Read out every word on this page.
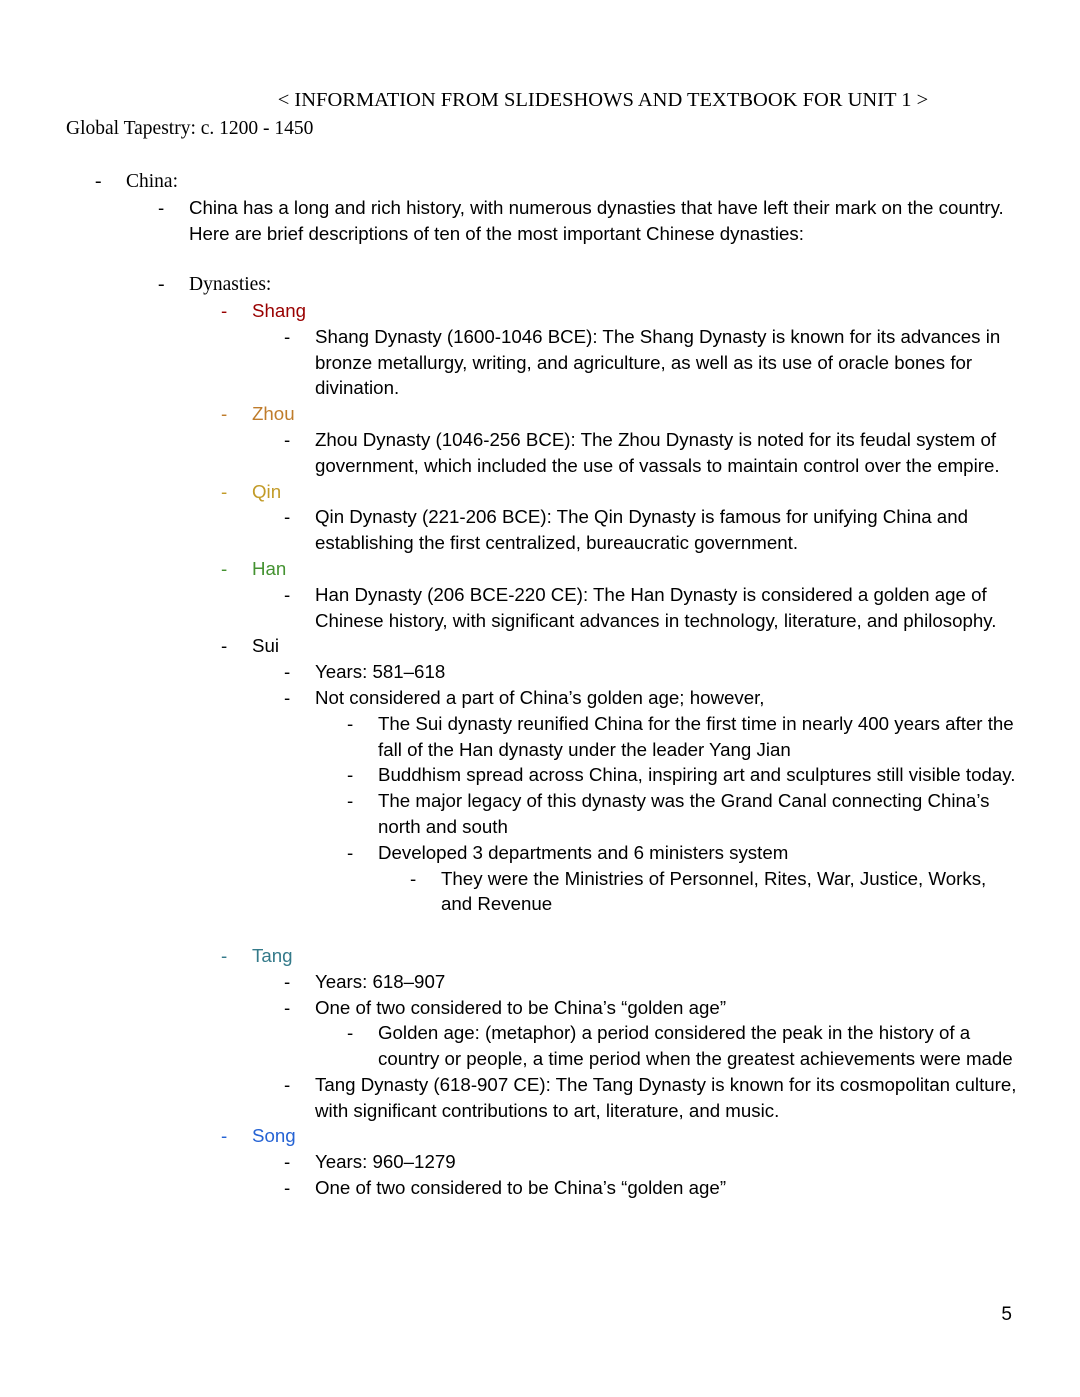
< INFORMATION FROM SLIDESHOWS AND TEXTBOOK FOR UNIT 1 >
Global Tapestry: c. 1200 - 1450
-	China:
-	China has a long and rich history, with numerous dynasties that have left their mark on the country. Here are brief descriptions of ten of the most important Chinese dynasties:
-	Dynasties:
-	Shang
-	Shang Dynasty (1600-1046 BCE): The Shang Dynasty is known for its advances in bronze metallurgy, writing, and agriculture, as well as its use of oracle bones for divination.
-	Zhou
-	Zhou Dynasty (1046-256 BCE): The Zhou Dynasty is noted for its feudal system of government, which included the use of vassals to maintain control over the empire.
-	Qin
-	Qin Dynasty (221-206 BCE): The Qin Dynasty is famous for unifying China and establishing the first centralized, bureaucratic government.
-	Han
-	Han Dynasty (206 BCE-220 CE): The Han Dynasty is considered a golden age of Chinese history, with significant advances in technology, literature, and philosophy.
-	Sui
-	Years: 581–618
-	Not considered a part of China’s golden age; however,
-	The Sui dynasty reunified China for the first time in nearly 400 years after the fall of the Han dynasty under the leader Yang Jian
-	Buddhism spread across China, inspiring art and sculptures still visible today.
-	The major legacy of this dynasty was the Grand Canal connecting China’s north and south
-	Developed 3 departments and 6 ministers system
-	They were the Ministries of Personnel, Rites, War, Justice, Works, and Revenue
-	Tang
-	Years: 618–907
-	One of two considered to be China’s “golden age”
-	Golden age: (metaphor) a period considered the peak in the history of a country or people, a time period when the greatest achievements were made
-	Tang Dynasty (618-907 CE): The Tang Dynasty is known for its cosmopolitan culture, with significant contributions to art, literature, and music.
-	Song
-	Years: 960–1279
-	One of two considered to be China’s “golden age”
5
